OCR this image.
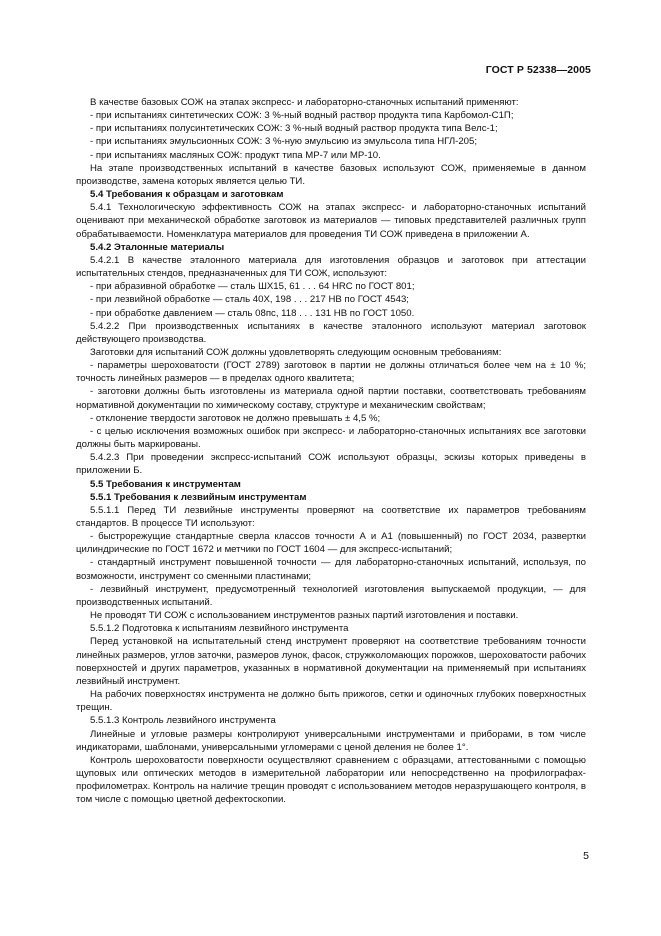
ГОСТ Р 52338—2005

В качестве базовых СОЖ на этапах экспресс- и лабораторно-станочных испытаний применяют:

- при испытаниях синтетических СОЖ: 3 %-ный водный раствор продукта типа Карбомол-С1П;

- при испытаниях полусинтетических СОЖ: 3 %-ный водный раствор продукта типа Велс-1;

- при испытаниях эмульсионных СОЖ: 3 %-ную эмульсию из эмульсола типа НГЛ-205;

- при испытаниях масляных СОЖ: продукт типа МР-7 или МР-10.

На этапе производственных испытаний в качестве базовых используют СОЖ, применяемые в данном производстве, замена которых является целью ТИ.

5.4 Требования к образцам и заготовкам

5.4.1 Технологическую эффективность СОЖ на этапах экспресс- и лабораторно-станочных испытаний оценивают при механической обработке заготовок из материалов — типовых представителей различных групп обрабатываемости. Номенклатура материалов для проведения ТИ СОЖ приведена в приложении А.

5.4.2 Эталонные материалы

5.4.2.1 В качестве эталонного материала для изготовления образцов и заготовок при аттестации испытательных стендов, предназначенных для ТИ СОЖ, используют:

- при абразивной обработке — сталь ШХ15, 61 . . . 64 HRC по ГОСТ 801;

- при лезвийной обработке — сталь 40Х, 198 . . . 217 НВ по ГОСТ 4543;

- при обработке давлением — сталь 08пс, 118 . . . 131 НВ по ГОСТ 1050.

5.4.2.2 При производственных испытаниях в качестве эталонного используют материал заготовок действующего производства.

Заготовки для испытаний СОЖ должны удовлетворять следующим основным требованиям:

- параметры шероховатости (ГОСТ 2789) заготовок в партии не должны отличаться более чем на ± 10 %; точность линейных размеров — в пределах одного квалитета;

- заготовки должны быть изготовлены из материала одной партии поставки, соответствовать требованиям нормативной документации по химическому составу, структуре и механическим свойствам;

- отклонение твердости заготовок не должно превышать ± 4,5 %;

- с целью исключения возможных ошибок при экспресс- и лабораторно-станочных испытаниях все заготовки должны быть маркированы.

5.4.2.3 При проведении экспресс-испытаний СОЖ используют образцы, эскизы которых приведены в приложении Б.

5.5 Требования к инструментам

5.5.1 Требования к лезвийным инструментам

5.5.1.1 Перед ТИ лезвийные инструменты проверяют на соответствие их параметров требованиям стандартов. В процессе ТИ используют:

- быстрорежущие стандартные сверла классов точности А и А1 (повышенный) по ГОСТ 2034, развертки цилиндрические по ГОСТ 1672 и метчики по ГОСТ 1604 — для экспресс-испытаний;

- стандартный инструмент повышенной точности — для лабораторно-станочных испытаний, используя, по возможности, инструмент со сменными пластинами;

- лезвийный инструмент, предусмотренный технологией изготовления выпускаемой продукции, — для производственных испытаний.

Не проводят ТИ СОЖ с использованием инструментов разных партий изготовления и поставки.

5.5.1.2 Подготовка к испытаниям лезвийного инструмента

Перед установкой на испытательный стенд инструмент проверяют на соответствие требованиям точности линейных размеров, углов заточки, размеров лунок, фасок, стружколомающих порожков, шероховатости рабочих поверхностей и других параметров, указанных в нормативной документации на применяемый при испытаниях лезвийный инструмент.

На рабочих поверхностях инструмента не должно быть прижогов, сетки и одиночных глубоких поверхностных трещин.

5.5.1.3 Контроль лезвийного инструмента

Линейные и угловые размеры контролируют универсальными инструментами и приборами, в том числе индикаторами, шаблонами, универсальными угломерами с ценой деления не более 1°.

Контроль шероховатости поверхности осуществляют сравнением с образцами, аттестованными с помощью щуповых или оптических методов в измерительной лаборатории или непосредственно на профилографах-профилометрах. Контроль на наличие трещин проводят с использованием методов неразрушающего контроля, в том числе с помощью цветной дефектоскопии.

5
